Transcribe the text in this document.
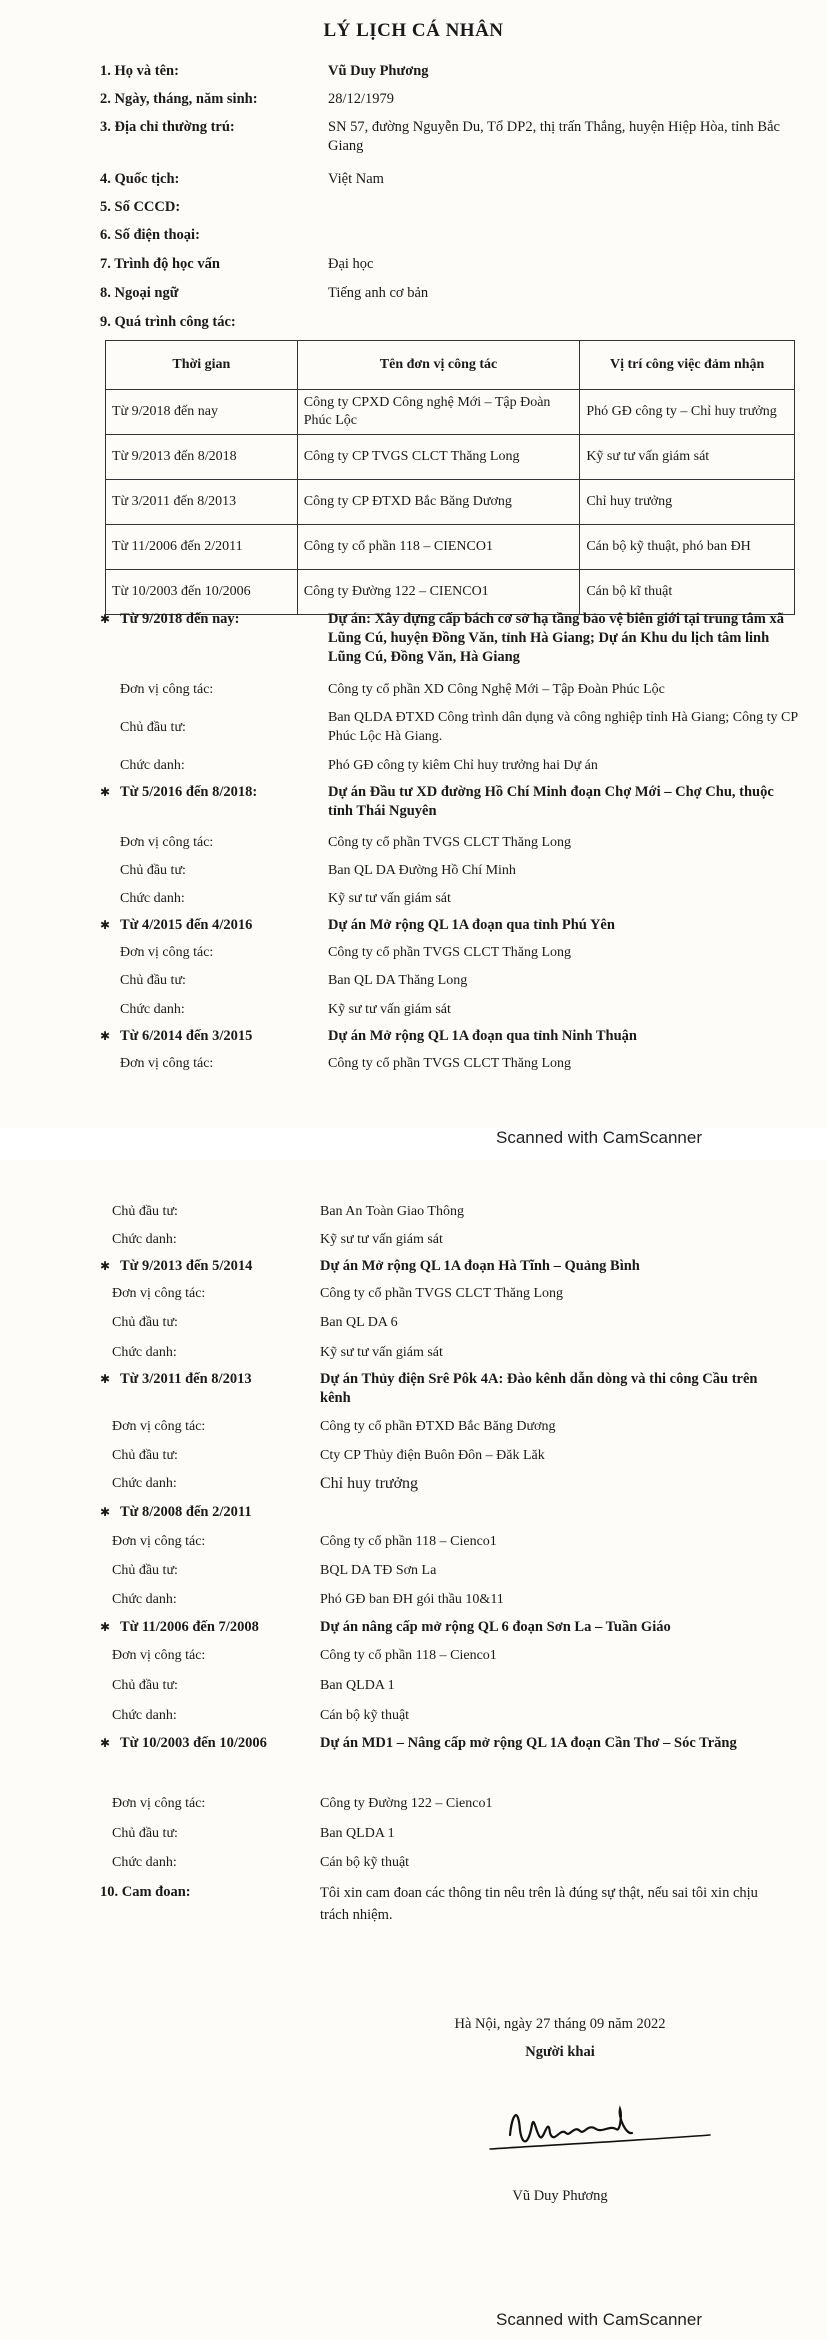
LÝ LỊCH CÁ NHÂN
1. Họ và tên:	Vũ Duy Phương
2. Ngày, tháng, năm sinh:	28/12/1979
3. Địa chỉ thường trú:	SN 57, đường Nguyễn Du, Tổ DP2, thị trấn Thắng, huyện Hiệp Hòa, tỉnh Bắc Giang
4. Quốc tịch:	Việt Nam
5. Số CCCD:
6. Số điện thoại:
7. Trình độ học vấn	Đại học
8. Ngoại ngữ	Tiếng anh cơ bản
9. Quá trình công tác:
Thời gian	Tên đơn vị công tác	Vị trí công việc đảm nhận
Từ 9/2018 đến nay	Công ty CPXD Công nghệ Mới – Tập Đoàn Phúc Lộc	Phó GĐ công ty – Chỉ huy trưởng
Từ 9/2013 đến 8/2018	Công ty CP TVGS CLCT Thăng Long	Kỹ sư tư vấn giám sát
Từ 3/2011 đến 8/2013	Công ty CP ĐTXD Bắc Băng Dương	Chỉ huy trưởng
Từ 11/2006 đến 2/2011	Công ty cổ phần 118 – CIENCO1	Cán bộ kỹ thuật, phó ban ĐH
Từ 10/2003 đến 10/2006	Công ty Đường 122 – CIENCO1	Cán bộ kĩ thuật
✱ Từ 9/2018 đến nay:	Dự án: Xây dựng cấp bách cơ sở hạ tầng bảo vệ biên giới tại trung tâm xã Lũng Cú, huyện Đồng Văn, tỉnh Hà Giang; Dự án Khu du lịch tâm linh Lũng Cú, Đồng Văn, Hà Giang
Đơn vị công tác:	Công ty cổ phần XD Công Nghệ Mới – Tập Đoàn Phúc Lộc
Chủ đầu tư:
Ban QLDA ĐTXD Công trình dân dụng và công nghiệp tỉnh Hà Giang; Công ty CP Phúc Lộc Hà Giang.
Chức danh:	Phó GĐ công ty kiêm Chỉ huy trưởng hai Dự án
✱ Từ 5/2016 đến 8/2018:	Dự án Đầu tư XD đường Hồ Chí Minh đoạn Chợ Mới – Chợ Chu, thuộc tỉnh Thái Nguyên
Đơn vị công tác:	Công ty cổ phần TVGS CLCT Thăng Long
Chủ đầu tư:	Ban QL DA Đường Hồ Chí Minh
Chức danh:	Kỹ sư tư vấn giám sát
✱ Từ 4/2015 đến 4/2016	Dự án Mở rộng QL 1A đoạn qua tỉnh Phú Yên
Đơn vị công tác:	Công ty cổ phần TVGS CLCT Thăng Long
Chủ đầu tư:	Ban QL DA Thăng Long
Chức danh:	Kỹ sư tư vấn giám sát
✱ Từ 6/2014 đến 3/2015	Dự án Mở rộng QL 1A đoạn qua tỉnh Ninh Thuận
Đơn vị công tác:	Công ty cổ phần TVGS CLCT Thăng Long
Scanned with CamScanner
Chủ đầu tư:	Ban An Toàn Giao Thông
Chức danh:	Kỹ sư tư vấn giám sát
✱ Từ 9/2013 đến 5/2014	Dự án Mở rộng QL 1A đoạn Hà Tĩnh – Quảng Bình
Đơn vị công tác:	Công ty cổ phần TVGS CLCT Thăng Long
Chủ đầu tư:	Ban QL DA 6
Chức danh:	Kỹ sư tư vấn giám sát
✱ Từ 3/2011 đến 8/2013	Dự án Thủy điện Srê Pôk 4A: Đào kênh dẫn dòng và thi công Cầu trên kênh
Đơn vị công tác:	Công ty cổ phần ĐTXD Bắc Băng Dương
Chủ đầu tư:	Cty CP Thủy điện Buôn Đôn – Đăk Lăk
Chức danh:	Chỉ huy trưởng
✱ Từ 8/2008 đến 2/2011
Đơn vị công tác:	Công ty cổ phần 118 – Cienco1
Chủ đầu tư:	BQL DA TĐ Sơn La
Chức danh:	Phó GĐ ban ĐH gói thầu 10&11
✱ Từ 11/2006 đến 7/2008	Dự án nâng cấp mở rộng QL 6 đoạn Sơn La – Tuần Giáo
Đơn vị công tác:	Công ty cổ phần 118 – Cienco1
Chủ đầu tư:	Ban QLDA 1
Chức danh:	Cán bộ kỹ thuật
✱ Từ 10/2003 đến 10/2006	Dự án MD1 – Nâng cấp mở rộng QL 1A đoạn Cần Thơ – Sóc Trăng
Đơn vị công tác:	Công ty Đường 122 – Cienco1
Chủ đầu tư:	Ban QLDA 1
Chức danh:	Cán bộ kỹ thuật
10. Cam đoan:	Tôi xin cam đoan các thông tin nêu trên là đúng sự thật, nếu sai tôi xin chịu trách nhiệm.
Hà Nội, ngày 27 tháng 09 năm 2022
Người khai
Vũ Duy Phương
Scanned with CamScanner
